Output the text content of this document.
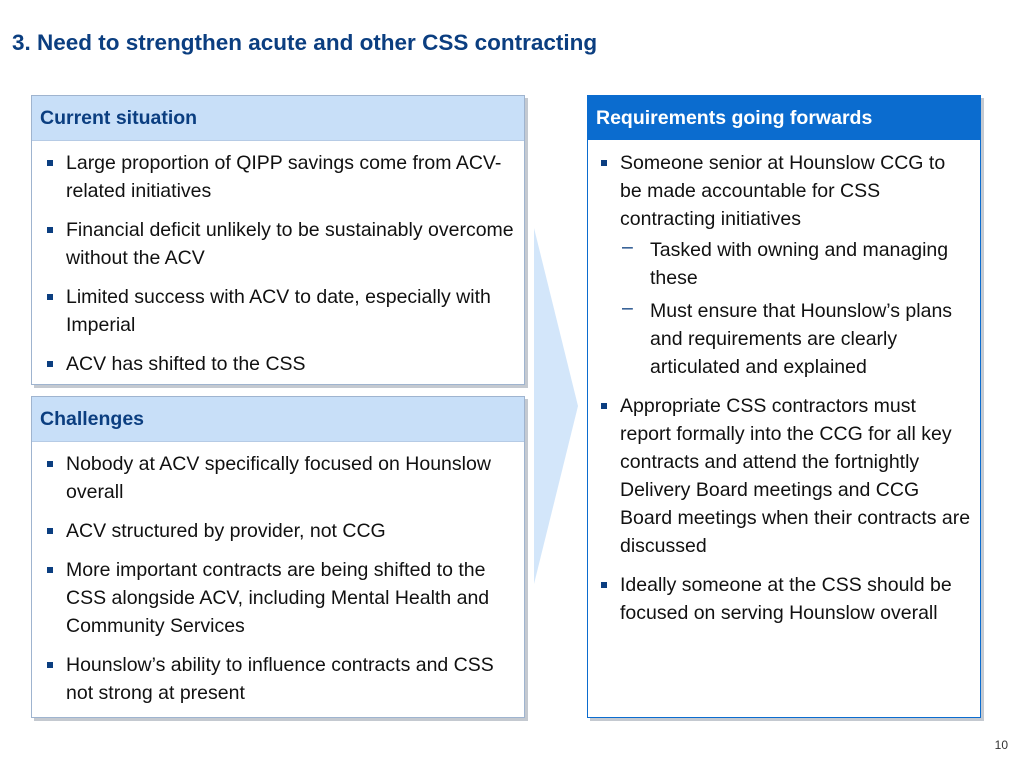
3. Need to strengthen acute and other CSS contracting
Current situation
Large proportion of QIPP savings come from ACV-related initiatives
Financial deficit unlikely to be sustainably overcome without the ACV
Limited success with ACV to date, especially with Imperial
ACV has shifted to the CSS
Challenges
Nobody at ACV specifically focused on Hounslow overall
ACV structured by provider, not CCG
More important contracts are being shifted to the CSS alongside ACV, including Mental Health and Community Services
Hounslow’s ability to influence contracts and CSS not strong at present
Requirements going forwards
Someone senior at Hounslow CCG to be made accountable for CSS contracting initiatives
– Tasked with owning and managing these
– Must ensure that Hounslow’s plans and requirements are clearly articulated and explained
Appropriate CSS contractors must report formally into the CCG for all key contracts and attend the fortnightly Delivery Board meetings and CCG Board meetings when their contracts are discussed
Ideally someone at the CSS should be focused on serving Hounslow overall
10
